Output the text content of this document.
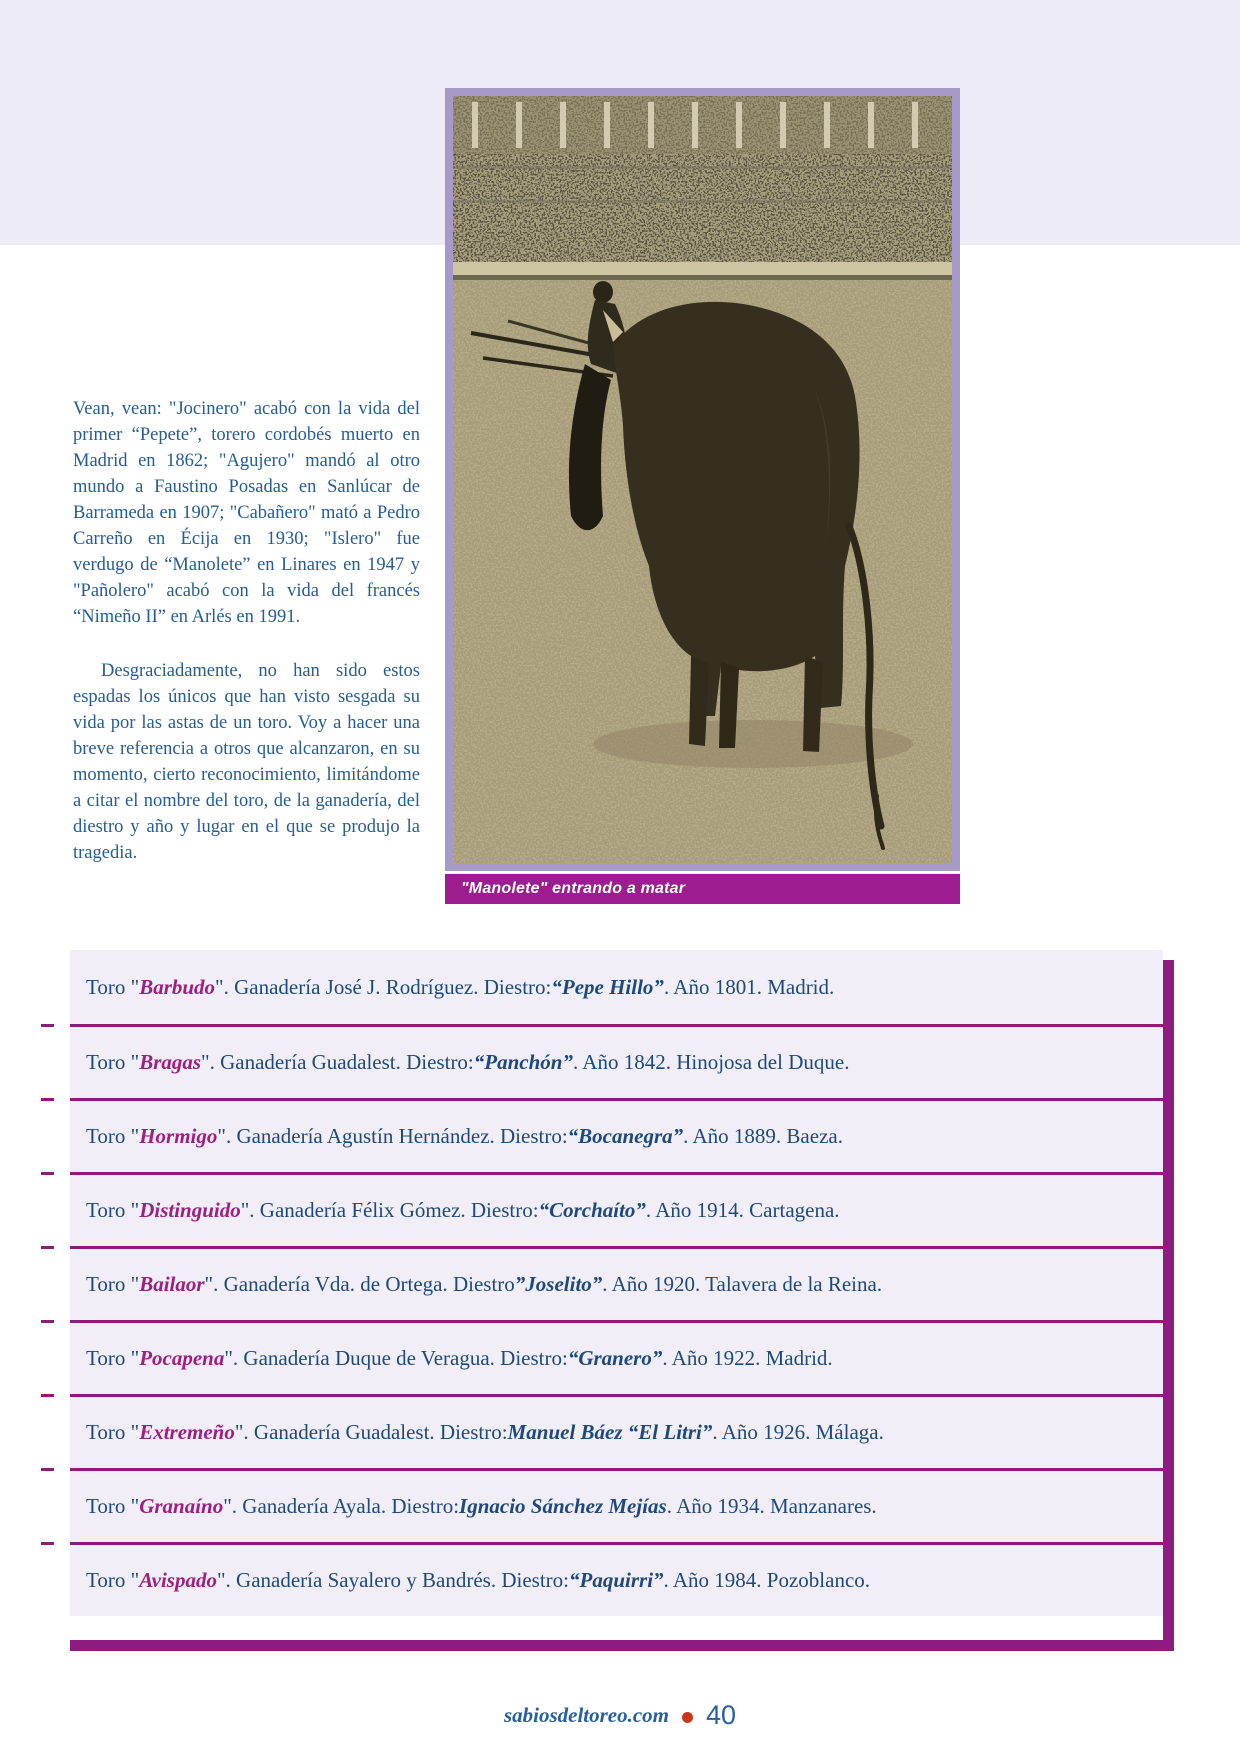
Vean, vean: "Jocinero" acabó con la vida del primer “Pepete”, torero cordobés muerto en Madrid en 1862; "Agujero" mandó al otro mundo a Faustino Posadas en Sanlúcar de Barrameda en 1907; "Cabañero" mató a Pedro Carreño en Écija en 1930; "Islero" fue verdugo de “Manolete” en Linares en 1947 y "Pañolero" acabó con la vida del francés “Nimeño II” en Arlés en 1991.

Desgraciadamente, no han sido estos espadas los únicos que han visto sesgada su vida por las astas de un toro. Voy a hacer una breve referencia a otros que alcanzaron, en su momento, cierto reconocimiento, limitándome a citar el nombre del toro, de la ganadería, del diestro y año y lugar en el que se produjo la tragedia.

"Manolete" entrando a matar
Toro " Barbudo ". Ganadería José J. Rodríguez. Diestro: “Pepe Hillo” . Año 1801. Madrid.
Toro " Bragas ". Ganadería Guadalest. Diestro: “Panchón” . Año 1842. Hinojosa del Duque.
Toro " Hormigo ". Ganadería Agustín Hernández. Diestro: “Bocanegra” . Año 1889. Baeza.
Toro " Distinguido ". Ganadería Félix Gómez. Diestro: “Corchaíto” . Año 1914. Cartagena.
Toro " Bailaor ". Ganadería Vda. de Ortega. Diestro ”Joselito” . Año 1920. Talavera de la Reina.
Toro " Pocapena ". Ganadería Duque de Veragua. Diestro: “Granero” . Año 1922. Madrid.
Toro " Extremeño ". Ganadería Guadalest. Diestro: Manuel Báez “El Litri” . Año 1926. Málaga.
Toro " Granaíno ". Ganadería Ayala. Diestro: Ignacio Sánchez Mejías . Año 1934. Manzanares.
Toro " Avispado ". Ganadería Sayalero y Bandrés. Diestro: “Paquirri” . Año 1984. Pozoblanco.
sabiosdeltoreo.com 40
